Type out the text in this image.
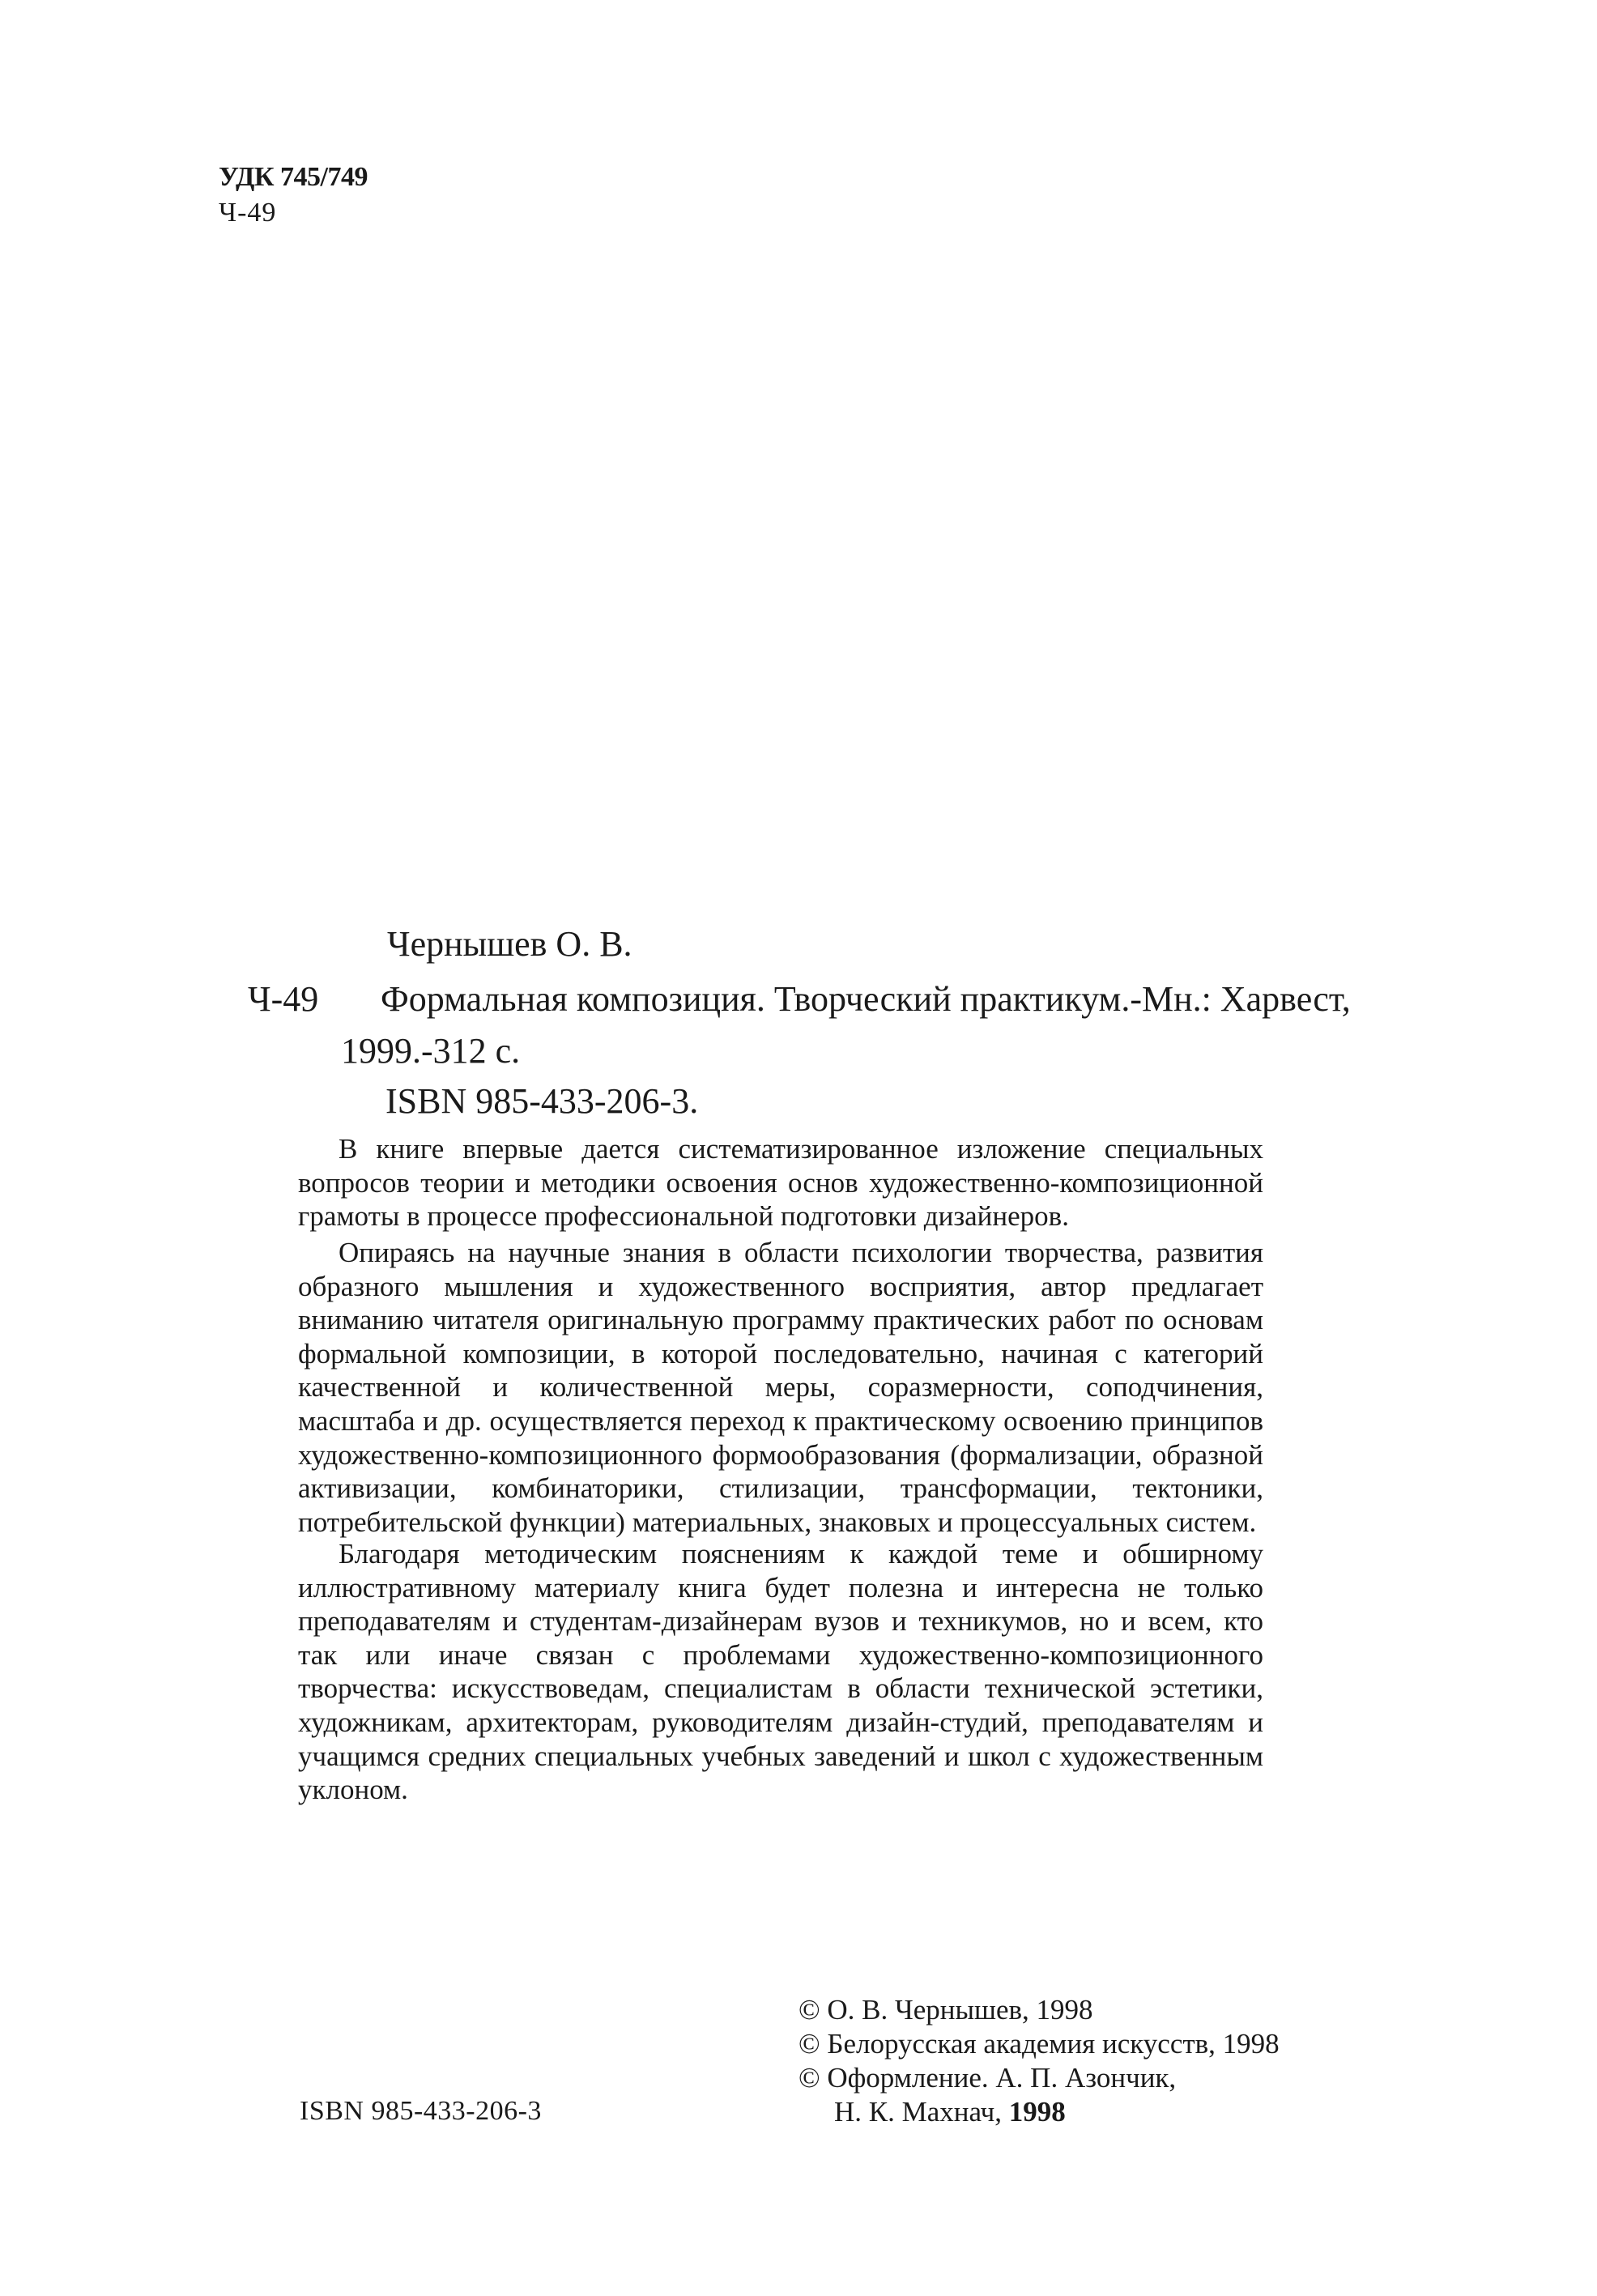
УДК 745/749
Ч-49
Чернышев О. В.
Ч-49 Формальная композиция. Творческий практикум.-Мн.: Харвест,
1999.-312 с.
ISBN 985-433-206-3.

В книге впервые дается систематизированное изложение специальных вопросов теории и методики освоения основ художественно-композиционной грамоты в процессе профессиональной подготовки дизайнеров.

Опираясь на научные знания в области психологии творчества, развития образного мышления и художественного восприятия, автор предлагает вниманию читателя оригинальную программу практических работ по основам формальной композиции, в которой последовательно, начиная с категорий качественной и количественной меры, соразмерности, соподчинения, масштаба и др. осуществляется переход к практическому освоению принципов художественно-композиционного формообразования (формализации, образной активизации, комбинаторики, стилизации, трансформации, тектоники, потребительской функции) материальных, знаковых и процессуальных систем.

Благодаря методическим пояснениям к каждой теме и обширному иллюстративному материалу книга будет полезна и интересна не только преподавателям и студентам-дизайнерам вузов и техникумов, но и всем, кто так или иначе связан с проблемами художественно-композиционного творчества: искусствоведам, специалистам в области технической эстетики, художникам, архитекторам, руководителям дизайн-студий, преподавателям и учащимся средних специальных учебных заведений и школ с художественным уклоном.

© О. В. Чернышев, 1998
© Белорусская академия искусств, 1998
© Оформление. А. П. Азончик,
Н. К. Махнач, 1998
ISBN 985-433-206-3
